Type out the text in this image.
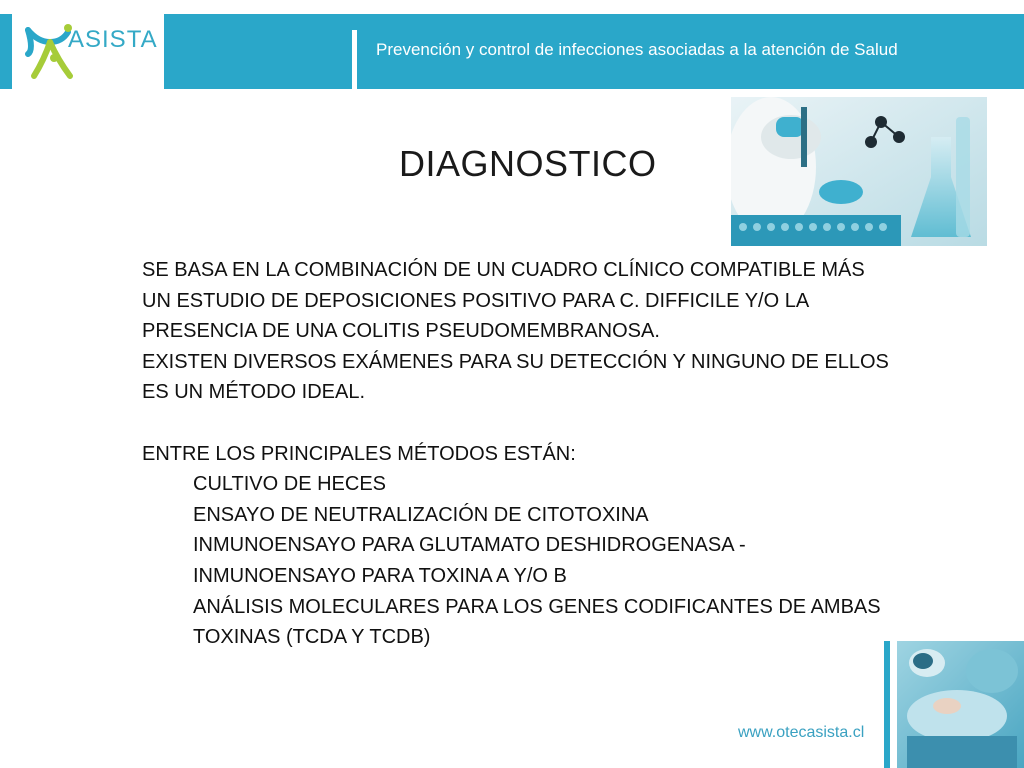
ASISTA	Prevención y control de infecciones asociadas a la atención de Salud
DIAGNOSTICO
SE BASA EN LA COMBINACIÓN DE UN CUADRO CLÍNICO COMPATIBLE MÁS
UN ESTUDIO DE DEPOSICIONES POSITIVO PARA C. DIFFICILE Y/O LA
PRESENCIA DE UNA COLITIS PSEUDOMEMBRANOSA.
EXISTEN DIVERSOS EXÁMENES PARA SU DETECCIÓN Y NINGUNO DE ELLOS
ES UN MÉTODO IDEAL.
ENTRE LOS PRINCIPALES MÉTODOS ESTÁN:
CULTIVO DE HECES
ENSAYO DE NEUTRALIZACIÓN DE CITOTOXINA
INMUNOENSAYO PARA GLUTAMATO DESHIDROGENASA -
INMUNOENSAYO PARA TOXINA A Y/O B
ANÁLISIS MOLECULARES PARA LOS GENES CODIFICANTES DE AMBAS
TOXINAS (TCDA Y TCDB)
www.otecasista.cl
